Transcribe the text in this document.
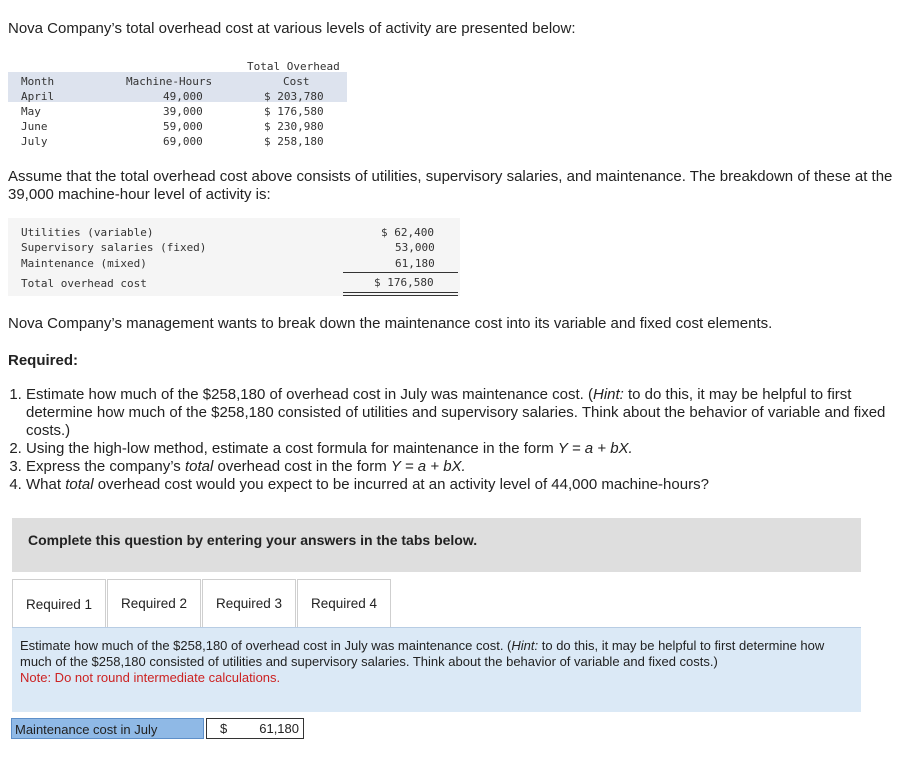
Nova Company’s total overhead cost at various levels of activity are presented below:
Total Overhead
Month	Machine-Hours	Cost
April	49,000	$ 203,780
May	39,000	$ 176,580
June	59,000	$ 230,980
July	69,000	$ 258,180
Assume that the total overhead cost above consists of utilities, supervisory salaries, and maintenance. The breakdown of these at the 39,000 machine-hour level of activity is:
Utilities (variable)	$ 62,400
Supervisory salaries (fixed)	53,000
Maintenance (mixed)	61,180
Total overhead cost	$ 176,580
Nova Company’s management wants to break down the maintenance cost into its variable and fixed cost elements.
Required:
1. Estimate how much of the $258,180 of overhead cost in July was maintenance cost. (Hint: to do this, it may be helpful to first determine how much of the $258,180 consisted of utilities and supervisory salaries. Think about the behavior of variable and fixed costs.)
2. Using the high-low method, estimate a cost formula for maintenance in the form Y = a + bX.
3. Express the company’s total overhead cost in the form Y = a + bX.
4. What total overhead cost would you expect to be incurred at an activity level of 44,000 machine-hours?
Complete this question by entering your answers in the tabs below.
Required 1	Required 2	Required 3	Required 4
Estimate how much of the $258,180 of overhead cost in July was maintenance cost. (Hint: to do this, it may be helpful to first determine how much of the $258,180 consisted of utilities and supervisory salaries. Think about the behavior of variable and fixed costs.)
Note: Do not round intermediate calculations.
Maintenance cost in July	$ 61,180
